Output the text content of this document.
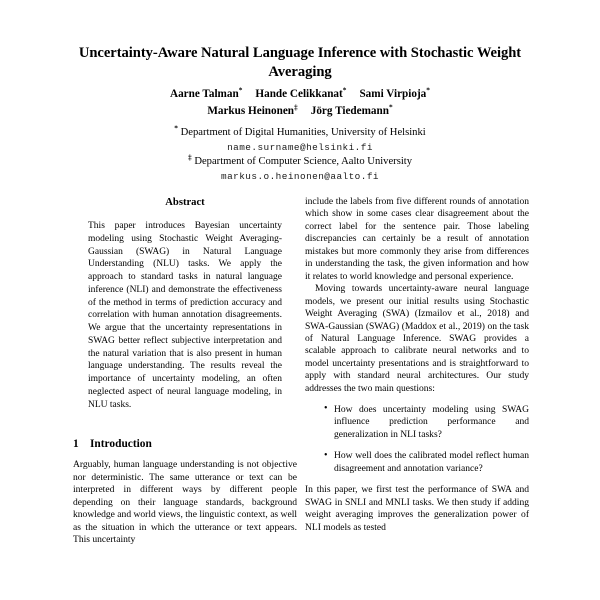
Uncertainty-Aware Natural Language Inference with Stochastic Weight Averaging
Aarne Talman* Hande Celikkanat* Sami Virpioja*
Markus Heinonen‡ Jörg Tiedemann*
* Department of Digital Humanities, University of Helsinki
name.surname@helsinki.fi
‡ Department of Computer Science, Aalto University
markus.o.heinonen@aalto.fi
Abstract

This paper introduces Bayesian uncertainty modeling using Stochastic Weight Averaging-Gaussian (SWAG) in Natural Language Understanding (NLU) tasks. We apply the approach to standard tasks in natural language inference (NLI) and demonstrate the effectiveness of the method in terms of prediction accuracy and correlation with human annotation disagreements. We argue that the uncertainty representations in SWAG better reflect subjective interpretation and the natural variation that is also present in human language understanding. The results reveal the importance of uncertainty modeling, an often neglected aspect of neural language modeling, in NLU tasks.

1 Introduction

Arguably, human language understanding is not objective nor deterministic. The same utterance or text can be interpreted in different ways by different people depending on their language standards, background knowledge and world views, the linguistic context, as well as the situation in which the utterance or text appears. This uncertainty

include the labels from five different rounds of annotation which show in some cases clear disagreement about the correct label for the sentence pair. Those labeling discrepancies can certainly be a result of annotation mistakes but more commonly they arise from differences in understanding the task, the given information and how it relates to world knowledge and personal experience.

Moving towards uncertainty-aware neural language models, we present our initial results using Stochastic Weight Averaging (SWA) (Izmailov et al., 2018) and SWA-Gaussian (SWAG) (Maddox et al., 2019) on the task of Natural Language Inference. SWAG provides a scalable approach to calibrate neural networks and to model uncertainty presentations and is straightforward to apply with standard neural architectures. Our study addresses the two main questions:

• How does uncertainty modeling using SWAG influence prediction performance and generalization in NLI tasks?
• How well does the calibrated model reflect human disagreement and annotation variance?

In this paper, we first test the performance of SWA and SWAG in SNLI and MNLI tasks. We then study if adding weight averaging improves the generalization power of NLI models as tested
